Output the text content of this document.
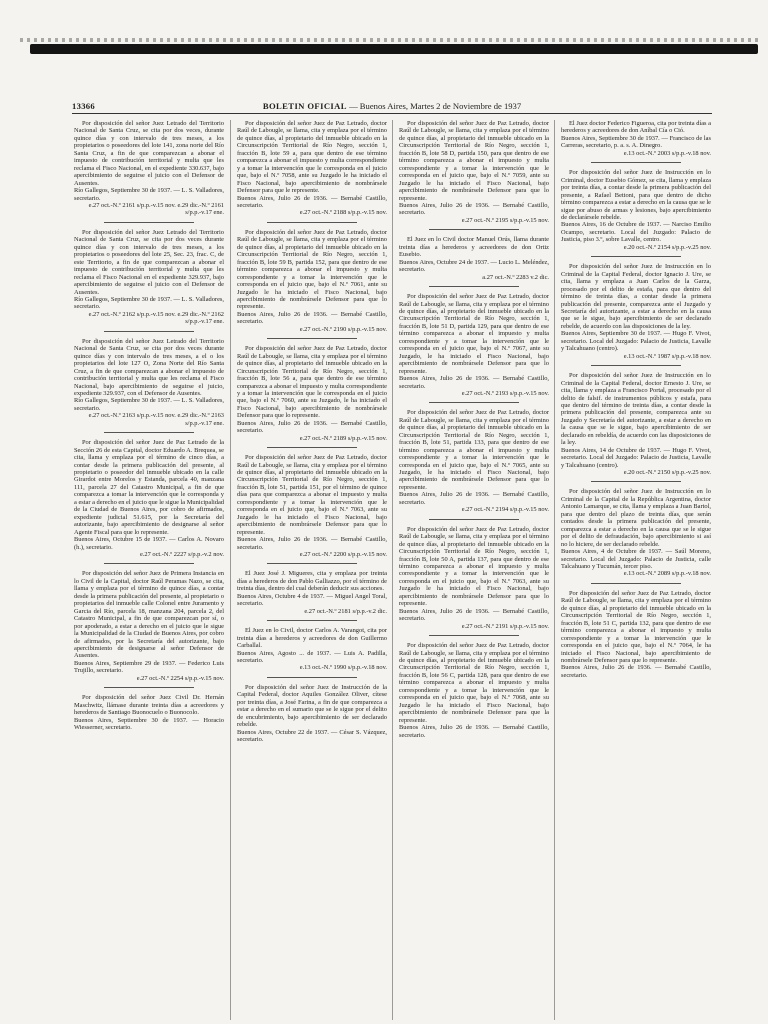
13366	BOLETIN OFICIAL — Buenos Aires, Martes 2 de Noviembre de 1937

Por disposición del señor Juez Letrado del Territorio Nacional de Santa Cruz, se cita por dos veces, durante quince días y con intervalo de tres meses, a los propietarios o poseedores del lote 141, zona norte del Río Santa Cruz, a fin de que comparezcan a abonar el impuesto de contribución territorial y multa que les reclama el Fisco Nacional, en el expediente 330.637, bajo apercibimiento de seguirse el juicio con el Defensor de Ausentes.

Río Gallegos, Septiembre 30 de 1937. — L. S. Valladores, secretario.

e.27 oct.-N.º 2161 s/p.p.-v.15 nov. e.29 dic.-N.º 2161 s/p.p.-v.17 ene.

Por disposición del señor Juez Letrado del Territorio Nacional de Santa Cruz, se cita por dos veces durante quince días y con intervalo de tres meses, a los propietarios o poseedores del lote 25, Sec. 23, frac. C, de este Territorio, a fin de que comparezcan a abonar el impuesto de contribución territorial y multa que les reclama el Fisco Nacional en el expediente 329.937, bajo apercibimiento de seguirse el juicio con el Defensor de Ausentes.

Río Gallegos, Septiembre 30 de 1937. — L. S. Valladores, secretario.

e.27 oct.-N.º 2162 s/p.p.-v.15 nov. e.29 dic.-N.º 2162 s/p.p.-v.17 ene.

Por disposición del señor Juez Letrado del Territorio Nacional de Santa Cruz, se cita por dos veces durante quince días y con intervalo de tres meses, a el o los propietarios del lote 127 O, Zona Norte del Río Santa Cruz, a fin de que comparezcan a abonar el impuesto de contribución territorial y multa que les reclama el Fisco Nacional, bajo apercibimiento de seguirse el juicio, expediente 329.937, con el Defensor de Ausentes.

Río Gallegos, Septiembre 30 de 1937. — L. S. Valladores, secretario.

e.27 oct.-N.º 2163 s/p.p.-v.15 nov. e.29 dic.-N.º 2163 s/p.p.-v.17 ene.

Por disposición del señor Juez de Paz Letrado de la Sección 26 de esta Capital, doctor Eduardo A. Brequea, se cita, llama y emplaza por el término de cinco días, a contar desde la primera publicación del presente, al propietario o poseedor del inmueble ubicado en la calle Girardot entre Morelos y Estanda, parcela 40, manzana 111, parcela 27 del Catastro Municipal, a fin de que comparezca a tomar la intervención que le corresponda y a estar a derecho en el juicio que le sigue la Municipalidad de la Ciudad de Buenos Aires, por cobro de afirmados, expediente judicial 51.615, por la Secretaría del autorizante, bajo apercibimiento de designarse al señor Agente Fiscal para que lo represente.

Buenos Aires, Octubre 15 de 1937. — Carlos A. Novaro (h.), secretario.

e.27 oct.-N.º 2227 s/p.p.-v.2 nov.

Por disposición del señor Juez de Primera Instancia en lo Civil de la Capital, doctor Raúl Peramas Nazo, se cita, llama y emplaza por el término de quince días, a contar desde la primera publicación del presente, al propietario o propietarios del inmueble calle Colonel entre Juramento y Garcia del Río, parcela 18, manzana 204, parcela 2, del Catastro Municipal, a fin de que comparezcan por sí, o por apoderado, a estar a derecho en el juicio que le sigue la Municipalidad de la Ciudad de Buenos Aires, por cobro de afirmados, por la Secretaría del autorizante, bajo apercibimiento de designarse al señor Defensor de Ausentes.

Buenos Aires, Septiembre 29 de 1937. — Federico Luis Trujillo, secretario.

e.27 oct.-N.º 2254 s/p.p.-v.15 nov.

Por disposición del señor Juez Civil Dr. Hernán Maschwitz, llámase durante treinta días a acreedores y herederos de Santiago Buonocuelo o Buonocolo.

Buenos Aires, Septiembre 30 de 1937. — Horacio Wiesserner, secretario.

Por disposición del señor Juez de Paz Letrado, doctor Raúl de Labougle, se llama, cita y emplaza por el término de quince días, al propietario del inmueble ubicado en la Circunscripción Territorial de Río Negro, sección 1, fracción B, lote 59 a, para que dentro de ese término comparezca a abonar el impuesto y multa correspondiente y a tomar la intervención que le corresponda en el juicio que, bajo el N.º 7058, ante su Juzgado le ha iniciado el Fisco Nacional, bajo apercibimiento de nombrársele Defensor para que le represente.

Buenos Aires, Julio 26 de 1936. — Bernabé Castillo, secretario.

e.27 oct.-N.º 2188 s/p.p.-v.15 nov.

Por disposición del señor Juez de Paz Letrado, doctor Raúl de Labougle, se llama, cita y emplaza por el término de quince días, al propietario del inmueble ubicado en la Circunscripción Territorial de Río Negro, sección 1, fracción B, lote 59 B, partida 152, para que dentro de ese término comparezca a abonar el impuesto y multa correspondiente y a tomar la intervención que le corresponda en el juicio que, bajo el N.º 7061, ante su Juzgado le ha iniciado el Fisco Nacional, bajo apercibimiento de nombrársele Defensor para que lo represente.

Buenos Aires, Julio 26 de 1936. — Bernabé Castillo, secretario.

e.27 oct.-N.º 2190 s/p.p.-v.15 nov.

Por disposición del señor Juez de Paz Letrado, doctor Raúl de Labougle, se llama, cita y emplaza por el término de quince días, al propietario del inmueble ubicado en la Circunscripción Territorial de Río Negro, sección 1, fracción B, lote 56 a, para que dentro de ese término comparezca a abonar el impuesto y multa correspondiente y a tomar la intervención que le corresponda en el juicio que, bajo el N.º 7060, ante su Juzgado, le ha iniciado el Fisco Nacional, bajo apercibimiento de nombrársele Defensor para que lo represente.

Buenos Aires, Julio 26 de 1936. — Bernabé Castillo, secretario.

e.27 oct.-N.º 2189 s/p.p.-v.15 nov.

Por disposición del señor Juez de Paz Letrado, doctor Raúl de Labougle, se llama, cita y emplaza por el término de quince días, al propietario del inmueble ubicado en la Circunscripción Territorial de Río Negro, sección 1, fracción B, lote 51, partida 151, por el término de quince días para que comparezca a abonar el impuesto y multa correspondiente y a tomar la intervención que le corresponda en el juicio que, bajo el N.º 7063, ante su Juzgado le ha iniciado el Fisco Nacional, bajo apercibimiento de nombrársele Defensor para que lo represente.

Buenos Aires, Julio 26 de 1936. — Bernabé Castillo, secretario.

e.27 oct.-N.º 2200 s/p.p.-v.15 nov.

El Juez José J. Migueres, cita y emplaza por treinta días a herederos de don Pablo Galliazzo, por el término de treinta días, dentro del cual deberán deducir sus acciones.

Buenos Aires, Octubre 4 de 1937. — Miguel Angel Toral, secretario.

e.27 oct.-N.º 2181 s/p.p.-v.2 dic.

El Juez en lo Civil, doctor Carlos A. Varangot, cita por treinta días a herederos y acreedores de don Guillermo Carballal.

Buenos Aires, Agosto ... de 1937. — Luis A. Padilla, secretario.

e.13 oct.-N.º 1990 s/p.p.-v.18 nov.

Por disposición del señor Juez de Instrucción de la Capital Federal, doctor Aquiles González Oliver, cítese por treinta días, a José Farina, a fin de que comparezca a estar a derecho en el sumario que se le sigue por el delito de encubrimiento, bajo apercibimiento de ser declarado rebelde.

Buenos Aires, Octubre 22 de 1937. — César S. Vázquez, secretario.

Por disposición del señor Juez de Paz Letrado, doctor Raúl de Labougle, se llama, cita y emplaza por el término de quince días, al propietario del inmueble ubicado en la Circunscripción Territorial de Río Negro, sección 1, fracción B, lote 58 D, partida 150, para que dentro de ese término comparezca a abonar el impuesto y multa correspondiente y a tomar la intervención que le corresponda en el juicio que, bajo el N.º 7059, ante su Juzgado le ha iniciado el Fisco Nacional, bajo apercibimiento de nombrársele Defensor para que lo represente.

Buenos Aires, Julio 26 de 1936. — Bernabé Castillo, secretario.

e.27 oct.-N.º 2195 s/p.p.-v.15 nov.

El Juez en lo Civil doctor Manuel Orús, llama durante treinta días a herederos y acreedores de don Ortiz Eusebio.

Buenos Aires, Octubre 24 de 1937. — Lucio L. Meléndez, secretario.

a.27 oct.-N.º 2283 v.2 dic.

Por disposición del señor Juez de Paz Letrado, doctor Raúl de Labougle, se llama, cita y emplaza por el término de quince días, al propietario del inmueble ubicado en la Circunscripción Territorial de Río Negro, sección 1, fracción B, lote 51 D, partida 129, para que dentro de ese término comparezca a abonar el impuesto y multa correspondiente y a tomar la intervención que le corresponda en el juicio que, bajo el N.º 7067, ante su Juzgado, le ha iniciado el Fisco Nacional, bajo apercibimiento de nombrársele Defensor para que lo represente.

Buenos Aires, Julio 26 de 1936. — Bernabé Castillo, secretario.

e.27 oct.-N.º 2193 s/p.p.-v.15 nov.

Por disposición del señor Juez de Paz Letrado, doctor Raúl de Labougle, se llama, cita y emplaza por el término de quince días, al propietario del inmueble ubicado en la Circunscripción Territorial de Río Negro, sección 1, fracción B, lote 51, partida 133, para que dentro de ese término comparezca a abonar el impuesto y multa correspondiente y a tomar la intervención que le corresponda en el juicio que, bajo el N.º 7065, ante su Juzgado, le ha iniciado el Fisco Nacional, bajo apercibimiento de nombrársele Defensor para que lo represente.

Buenos Aires, Julio 26 de 1936. — Bernabé Castillo, secretario.

e.27 oct.-N.º 2194 s/p.p.-v.15 nov.

Por disposición del señor Juez de Paz Letrado, doctor Raúl de Labougle, se llama, cita y emplaza por el término de quince días, al propietario del inmueble ubicado en la Circunscripción Territorial de Río Negro, sección 1, fracción B, lote 50 A, partida 137, para que dentro de ese término comparezca a abonar el impuesto y multa correspondiente y a tomar la intervención que le corresponda en el juicio que, bajo el N.º 7063, ante su Juzgado le ha iniciado el Fisco Nacional, bajo apercibimiento de nombrársele Defensor para que lo represente.

Buenos Aires, Julio 26 de 1936. — Bernabé Castillo, secretario.

e.27 oct.-N.º 2191 s/p.p.-v.15 nov.

Por disposición del señor Juez de Paz Letrado, doctor Raúl de Labougle, se llama, cita y emplaza por el término de quince días, al propietario del inmueble ubicado en la Circunscripción Territorial de Río Negro, sección 1, fracción B, lote 56 C, partida 128, para que dentro de ese término comparezca a abonar el impuesto y multa correspondiente y a tomar la intervención que le corresponda en el juicio que, bajo el N.º 7068, ante su Juzgado le ha iniciado el Fisco Nacional, bajo apercibimiento de nombrársele Defensor para que la represente.

Buenos Aires, Julio 26 de 1936. — Bernabé Castillo, secretario.

El Juez doctor Federico Figueroa, cita por treinta días a herederos y acreedores de don Aníbal Cía o Ció.

Buenos Aires, Septiembre 30 de 1937. — Francisco de las Carreras, secretario, p. a. s. A. Dinegro.

e.13 oct.-N.º 2003 s/p.p.-v.18 nov.

Por disposición del señor Juez de Instrucción en lo Criminal, doctor Eusebio Gómez, se cita, llama y emplaza por treinta días, a contar desde la primera publicación del presente, a Rafael Bettoni, para que dentro de dicho término comparezca a estar a derecho en la causa que se le sigue por abuso de armas y lesiones, bajo apercibimiento de declarársele rebelde.

Buenos Aires, 16 de Octubre de 1937. — Narciso Emilio Ocampo, secretario. Local del Juzgado: Palacio de Justicia, piso 3.º, sobre Lavalle, centro.

e.20 oct.-N.º 2154 s/p.p.-v.25 nov.

Por disposición del señor Juez de Instrucción en lo Criminal de la Capital Federal, doctor Ignacio J. Ure, se cita, llama y emplaza a Juan Carlos de la Garza, procesado por el delito de estafa, para que dentro del término de treinta días, a contar desde la primera publicación del presente, comparezca ante el Juzgado y Secretaría del autorizante, a estar a derecho en la causa que se le sigue, bajo apercibimiento de ser declarado rebelde, de acuerdo con las disposiciones de la ley.

Buenos Aires, Septiembre 30 de 1937. — Hugo F. Vivot, secretario. Local del Juzgado: Palacio de Justicia, Lavalle y Talcahuano (centro).

e.13 oct.-N.º 1987 s/p.p.-v.18 nov.

Por disposición del señor Juez de Instrucción en lo Criminal de la Capital Federal, doctor Ernesto J. Ure, se cita, llama y emplaza a Francisco Portal, procesado por el delito de falsif. de instrumentos públicos y estafa, para que dentro del término de treinta días, a contar desde la primera publicación del presente, comparezca ante su Juzgado y Secretaría del autorizante, a estar a derecho en la causa que se le sigue, bajo apercibimiento de ser declarado en rebeldía, de acuerdo con las disposiciones de la ley.

Buenos Aires, 14 de Octubre de 1937. — Hugo F. Vivot, secretario. Local del Juzgado: Palacio de Justicia, Lavalle y Talcahuano (centro).

e.20 oct.-N.º 2150 s/p.p.-v.25 nov.

Por disposición del señor Juez de Instrucción en lo Criminal de la Capital de la República Argentina, doctor Antonio Lamarque, se cita, llama y emplaza a Juan Bartol, para que dentro del plazo de treinta días, que serán contados desde la primera publicación del presente, comparezca a estar a derecho en la causa que se le sigue por el delito de defraudación, bajo apercibimiento si así no lo hiciere, de ser declarado rebelde.

Buenos Aires, 4 de Octubre de 1937. — Saúl Moreno, secretario. Local del Juzgado: Palacio de Justicia, calle Talcahuano y Tucumán, tercer piso.

e.13 oct.-N.º 2089 s/p.p.-v.18 nov.

Por disposición del señor Juez de Paz Letrado, doctor Raúl de Labougle, se llama, cita y emplaza por el término de quince días, al propietario del inmueble ubicado en la Circunscripción Territorial de Río Negro, sección 1, fracción B, lote 51 C, partida 132, para que dentro de ese término comparezca a abonar el impuesto y multa correspondiente y a tomar la intervención que le corresponda en el juicio que, bajo el N.º 7064, le ha iniciado el Fisco Nacional, bajo apercibimiento de nombrársele Defensor para que lo represente.

Buenos Aires, Julio 26 de 1936. — Bernabé Castillo, secretario.
